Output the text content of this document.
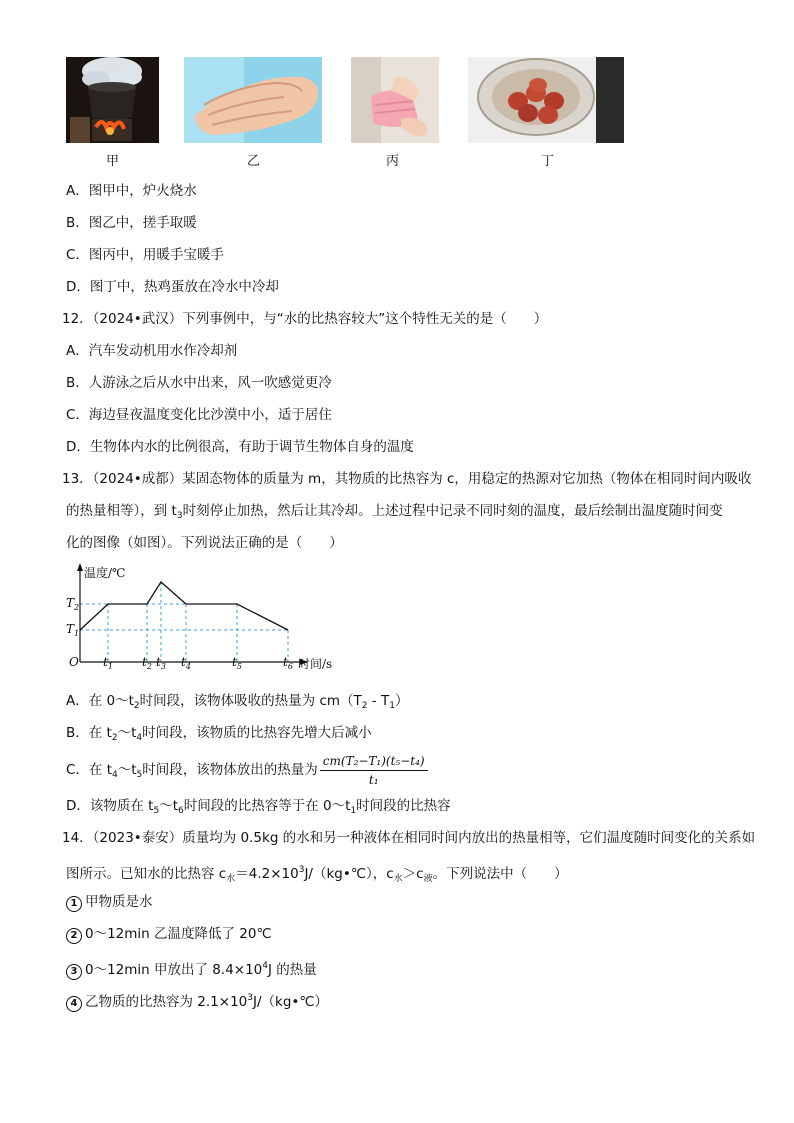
甲	乙	丙	丁
A．图甲中，炉火烧水
B．图乙中，搓手取暖
C．图丙中，用暖手宝暖手
D．图丁中，热鸡蛋放在冷水中冷却
12．（2024•武汉）下列事例中，与“水的比热容较大”这个特性无关的是（　　）
A．汽车发动机用水作冷却剂
B．人游泳之后从水中出来，风一吹感觉更冷
C．海边昼夜温度变化比沙漠中小，适于居住
D．生物体内水的比例很高，有助于调节生物体自身的温度
13．（2024•成都）某固态物体的质量为 m，其物质的比热容为 c，用稳定的热源对它加热（物体在相同时间内吸收
的热量相等），到 $t_3$时刻停止加热，然后让其冷却。上述过程中记录不同时刻的温度，最后绘制出温度随时间变
化的图像（如图）。下列说法正确的是（　　）
温度/℃
时间/s
O
$T_2$
$T_1$
$t_1$ $t_2$ $t_3$ $t_4$	$t_5$	$t_6$
A．在 $0\sim t_2$时间段，该物体吸收的热量为 $cm(T_2 - T_1)$
B．在 $t_2\sim t_4$时间段，该物质的比热容先增大后减小
C．在 $t_4\sim t_5$时间段，该物体放出的热量为 $\frac{\text{cm(T₂−T₁)(t₅−t₄)}}{\text{t₁}}$
D．该物质在 $t_5\sim t_6$时间段的比热容等于在 $0\sim t_1$时间段的比热容
14．（2023•泰安）质量均为 0.5kg 的水和另一种液体在相同时间内放出的热量相等，它们温度随时间变化的关系如
图所示。已知水的比热容 $c_水=4.2\times 10^3J/(kg•℃)$，$c_水>c_液$。下列说法中（　　）
1 甲物质是水
2 0～12min 乙温度降低了 20℃
3 0～12min 甲放出了 $8.4\times 10^4J$ 的热量
4 乙物质的比热容为 $2.1\times 10^3J/(kg•℃)$
